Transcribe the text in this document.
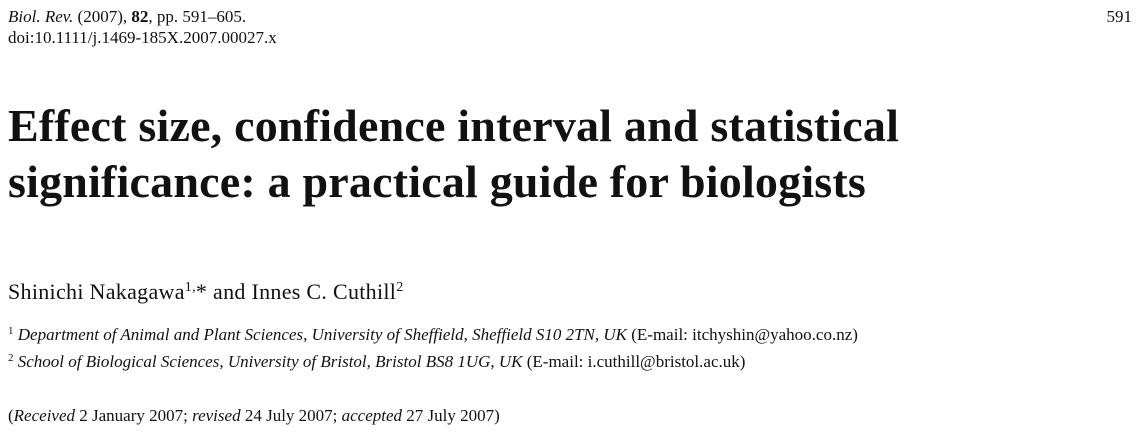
Biol. Rev. (2007), 82, pp. 591–605.
doi:10.1111/j.1469-185X.2007.00027.x
591
Effect size, confidence interval and statistical
significance: a practical guide for biologists
Shinichi Nakagawa$^{1,}$* and Innes C. Cuthill$^2$
$^1$ Department of Animal and Plant Sciences, University of Sheffield, Sheffield S10 2TN, UK (E-mail: itchyshin@yahoo.co.nz)
$^2$ School of Biological Sciences, University of Bristol, Bristol BS8 1UG, UK (E-mail: i.cuthill@bristol.ac.uk)
(Received 2 January 2007; revised 24 July 2007; accepted 27 July 2007)
